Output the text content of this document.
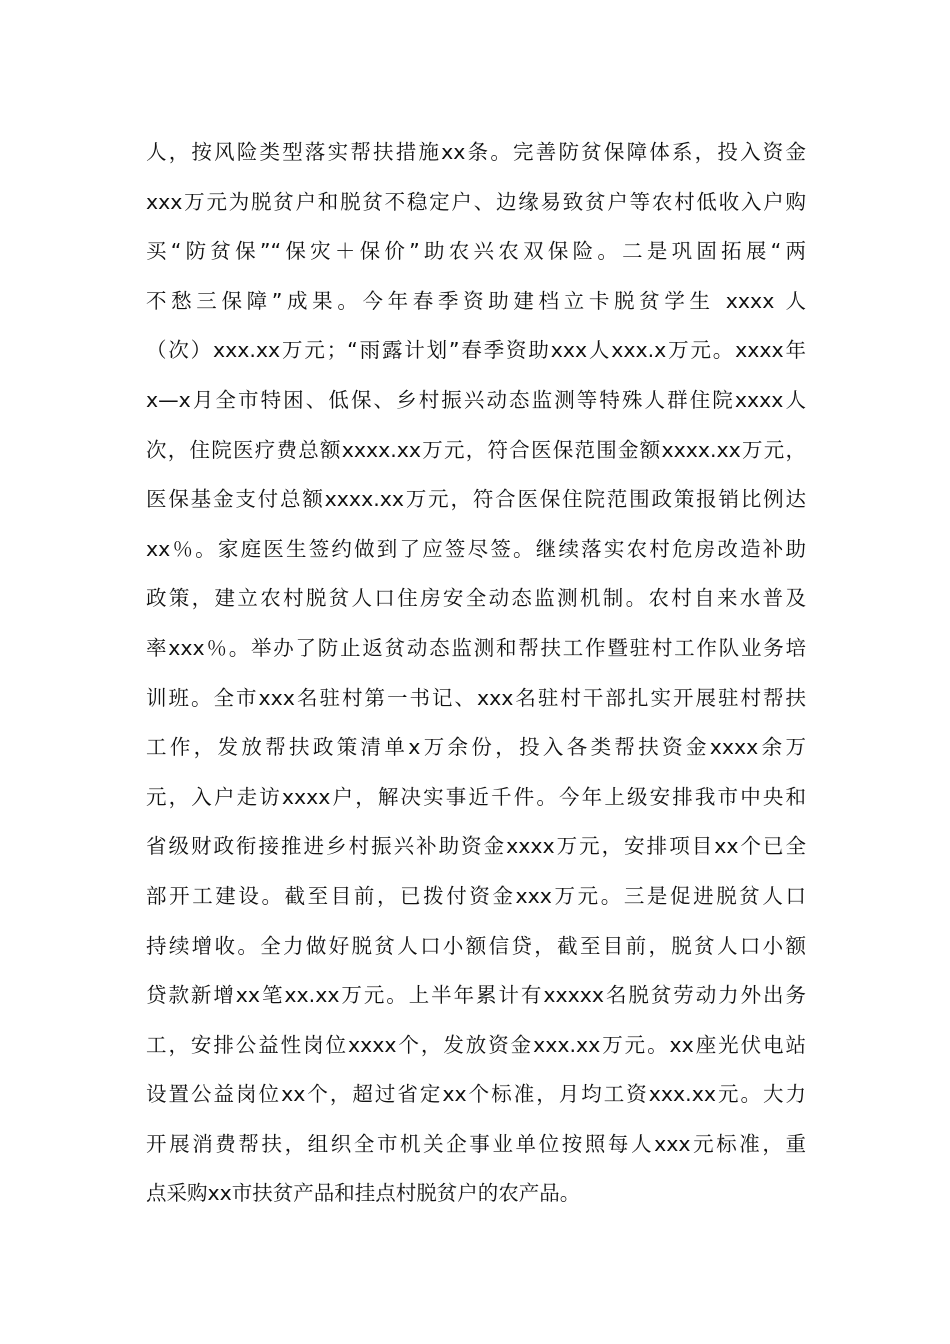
人，按风险类型落实帮扶措施xx条。完善防贫保障体系，投入资金
xxx万元为脱贫户和脱贫不稳定户、边缘易致贫户等农村低收入户购
买“防贫保”“保灾＋保价”助农兴农双保险。二是巩固拓展“两
不愁三保障”成果。今年春季资助建档立卡脱贫学生 xxxx 人
（次）xxx.xx万元；“雨露计划”春季资助xxx人xxx.x万元。xxxx年
x—x月全市特困、低保、乡村振兴动态监测等特殊人群住院xxxx人
次，住院医疗费总额xxxx.xx万元，符合医保范围金额xxxx.xx万元，
医保基金支付总额xxxx.xx万元，符合医保住院范围政策报销比例达
xx％。家庭医生签约做到了应签尽签。继续落实农村危房改造补助
政策，建立农村脱贫人口住房安全动态监测机制。农村自来水普及
率xxx％。举办了防止返贫动态监测和帮扶工作暨驻村工作队业务培
训班。全市xxx名驻村第一书记、xxx名驻村干部扎实开展驻村帮扶
工作，发放帮扶政策清单x万余份，投入各类帮扶资金xxxx余万
元，入户走访xxxx户，解决实事近千件。今年上级安排我市中央和
省级财政衔接推进乡村振兴补助资金xxxx万元，安排项目xx个已全
部开工建设。截至目前，已拨付资金xxx万元。三是促进脱贫人口
持续增收。全力做好脱贫人口小额信贷，截至目前，脱贫人口小额
贷款新增xx笔xx.xx万元。上半年累计有xxxxx名脱贫劳动力外出务
工，安排公益性岗位xxxx个，发放资金xxx.xx万元。xx座光伏电站
设置公益岗位xx个，超过省定xx个标准，月均工资xxx.xx元。大力
开展消费帮扶，组织全市机关企事业单位按照每人xxx元标准，重
点采购xx市扶贫产品和挂点村脱贫户的农产品。
